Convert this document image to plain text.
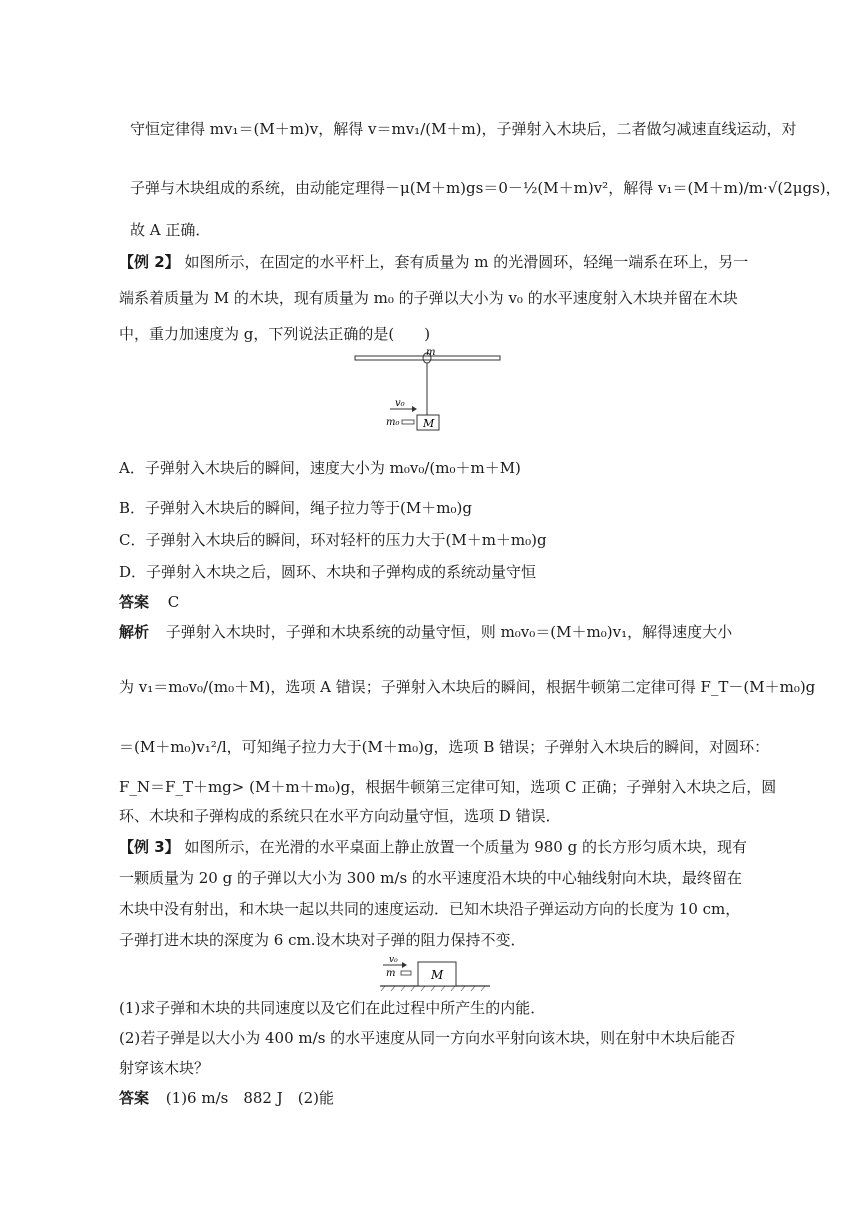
守恒定律得 mv₁＝(M＋m)v，解得 v＝mv₁/(M＋m)，子弹射入木块后，二者做匀减速直线运动，对
子弹与木块组成的系统，由动能定理得－μ(M＋m)gs＝0－½(M＋m)v²，解得 v₁＝(M＋m)/m·√(2μgs)，
故 A 正确．
【例 2】 如图所示，在固定的水平杆上，套有质量为 m 的光滑圆环，轻绳一端系在环上，另一
端系着质量为 M 的木块，现有质量为 m₀ 的子弹以大小为 v₀ 的水平速度射入木块并留在木块
中，重力加速度为 g，下列说法正确的是(　　)
m
v₀
m₀ M
A．子弹射入木块后的瞬间，速度大小为 m₀v₀/(m₀＋m＋M)
B．子弹射入木块后的瞬间，绳子拉力等于(M＋m₀)g
C．子弹射入木块后的瞬间，环对轻杆的压力大于(M＋m＋m₀)g
D．子弹射入木块之后，圆环、木块和子弹构成的系统动量守恒
答案 C
解析 子弹射入木块时，子弹和木块系统的动量守恒，则 m₀v₀＝(M＋m₀)v₁，解得速度大小
为 v₁＝m₀v₀/(m₀＋M)，选项 A 错误；子弹射入木块后的瞬间，根据牛顿第二定律可得 F_T－(M＋m₀)g
＝(M＋m₀)v₁²/l，可知绳子拉力大于(M＋m₀)g，选项 B 错误；子弹射入木块后的瞬间，对圆环：
F_N＝F_T＋mg> (M＋m＋m₀)g，根据牛顿第三定律可知，选项 C 正确；子弹射入木块之后，圆
环、木块和子弹构成的系统只在水平方向动量守恒，选项 D 错误．
【例 3】 如图所示，在光滑的水平桌面上静止放置一个质量为 980 g 的长方形匀质木块，现有
一颗质量为 20 g 的子弹以大小为 300 m/s 的水平速度沿木块的中心轴线射向木块，最终留在
木块中没有射出，和木块一起以共同的速度运动．已知木块沿子弹运动方向的长度为 10 cm，
子弹打进木块的深度为 6 cm.设木块对子弹的阻力保持不变．
v₀
m	M
(1)求子弹和木块的共同速度以及它们在此过程中所产生的内能．
(2)若子弹是以大小为 400 m/s 的水平速度从同一方向水平射向该木块，则在射中木块后能否
射穿该木块？
答案 (1)6 m/s　882 J　(2)能
